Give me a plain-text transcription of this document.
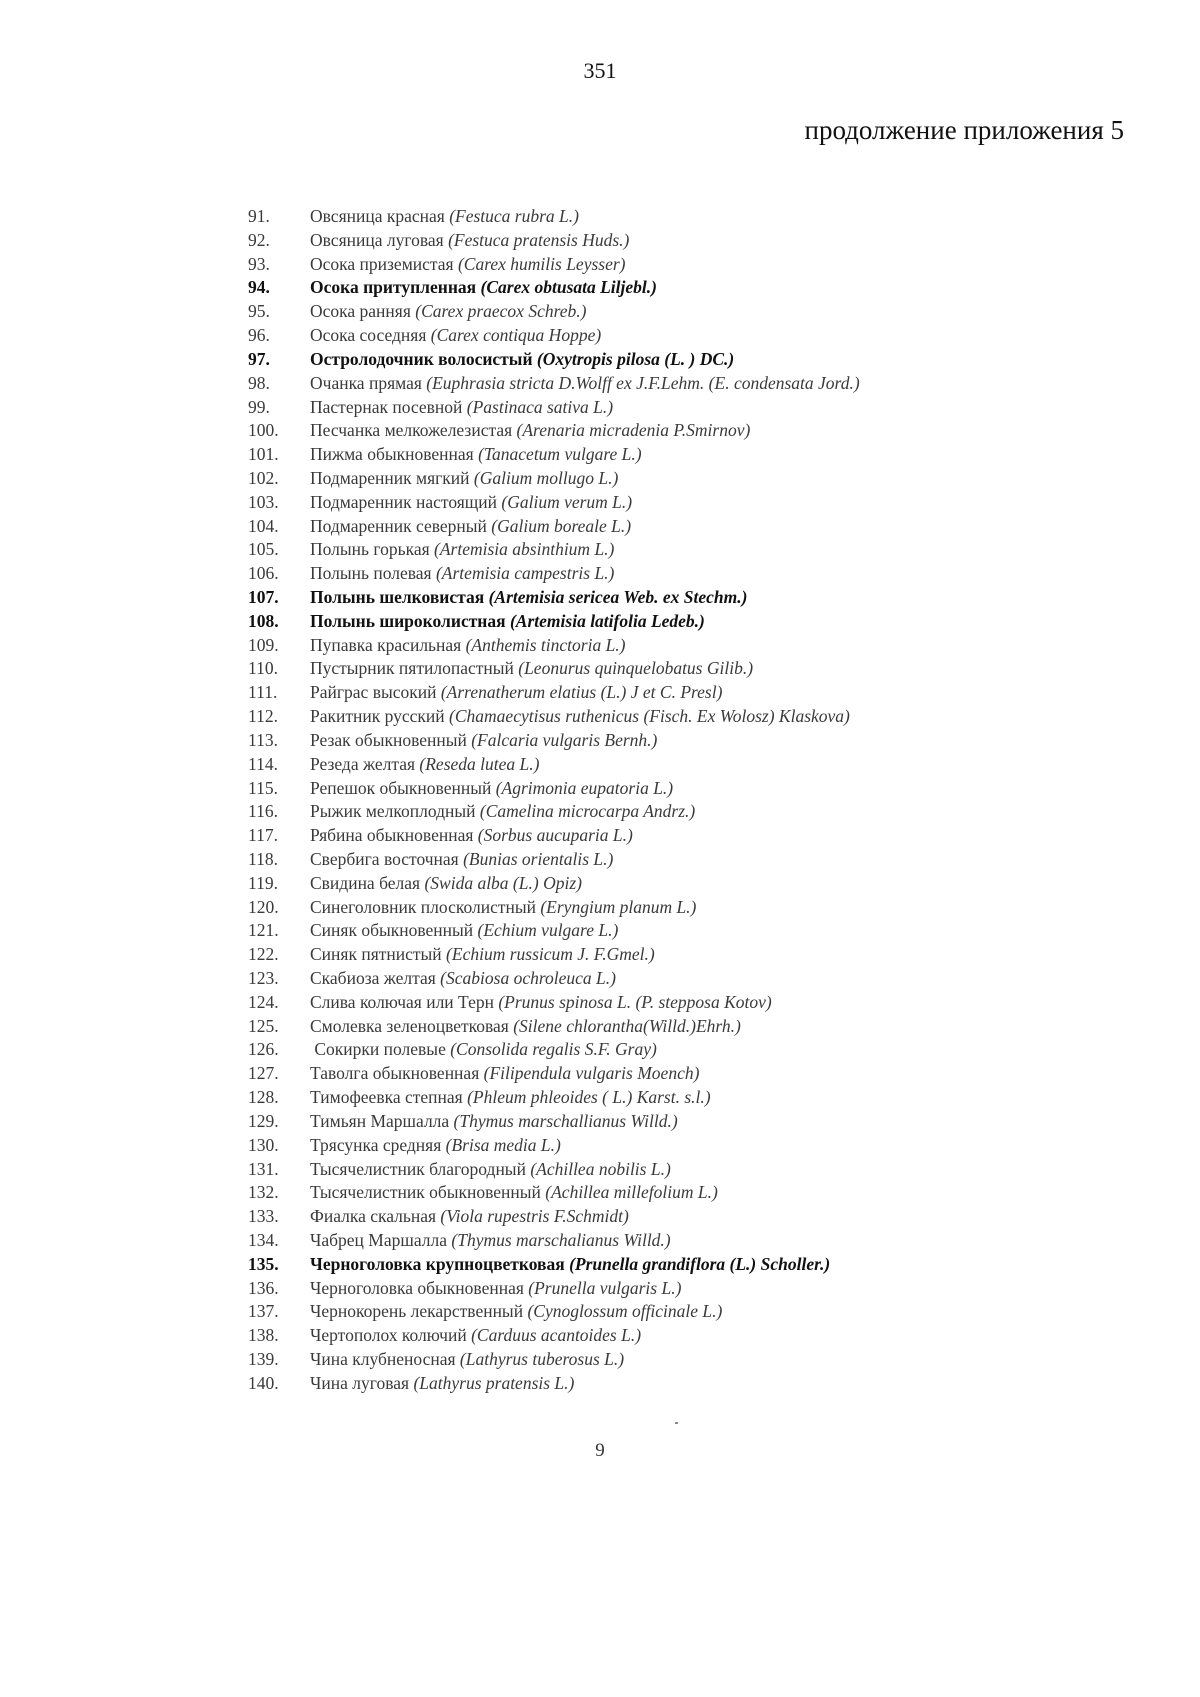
351
продолжение приложения 5
91.	Овсяница красная (Festuca rubra L.)
92.	Овсяница луговая (Festuca pratensis Huds.)
93.	Осока приземистая (Carex humilis Leysser)
94.	Осока притупленная (Carex obtusata Liljebl.)
95.	Осока ранняя (Carex praecox Schreb.)
96.	Осока соседняя (Carex contiqua Hoppe)
97.	Остролодочник волосистый (Oxytropis pilosa (L. ) DC.)
98.	Очанка прямая (Euphrasia stricta D.Wolff ex J.F.Lehm. (E. condensata Jord.)
99.	Пастернак посевной (Pastinaca sativa L.)
100.	Песчанка мелкожелезистая (Arenaria micradenia P.Smirnov)
101.	Пижма обыкновенная (Tanacetum vulgare L.)
102.	Подмаренник мягкий (Galium mollugo L.)
103.	Подмаренник настоящий (Galium verum L.)
104.	Подмаренник северный (Galium boreale L.)
105.	Полынь горькая (Artemisia absinthium L.)
106.	Полынь полевая (Artemisia campestris L.)
107.	Полынь шелковистая (Artemisia sericea Web. ex Stechm.)
108.	Полынь широколистная (Artemisia latifolia Ledeb.)
109.	Пупавка красильная (Anthemis tinctoria L.)
110.	Пустырник пятилопастный (Leonurus quinquelobatus Gilib.)
111.	Райграс высокий (Arrenatherum elatius (L.) J et C. Presl)
112.	Ракитник русский (Chamaecytisus ruthenicus (Fisch. Ex Wolosz) Klaskova)
113.	Резак обыкновенный (Falcaria vulgaris Bernh.)
114.	Резеда желтая (Reseda lutea L.)
115.	Репешок обыкновенный (Agrimonia eupatoria L.)
116.	Рыжик мелкоплодный (Camelina microcarpa Andrz.)
117.	Рябина обыкновенная (Sorbus aucuparia L.)
118.	Свербига восточная (Bunias orientalis L.)
119.	Свидина белая (Swida alba (L.) Opiz)
120.	Синеголовник плосколистный (Eryngium planum L.)
121.	Синяк обыкновенный (Echium vulgare L.)
122.	Синяк пятнистый (Echium russicum J. F.Gmel.)
123.	Скабиоза желтая (Scabiosa ochroleuca L.)
124.	Слива колючая или Терн (Prunus spinosa L. (P. stepposa Kotov)
125.	Смолевка зеленоцветковая (Silene chlorantha(Willd.)Ehrh.)
126.	Сокирки полевые (Consolida regalis S.F. Gray)
127.	Таволга обыкновенная (Filipendula vulgaris Moench)
128.	Тимофеевка степная (Phleum phleoides ( L.) Karst. s.l.)
129.	Тимьян Маршалла (Thymus marschallianus Willd.)
130.	Трясунка средняя (Brisa media L.)
131.	Тысячелистник благородный (Achillea nobilis L.)
132.	Тысячелистник обыкновенный (Achillea millefolium L.)
133.	Фиалка скальная (Viola rupestris F.Schmidt)
134.	Чабрец Маршалла (Thymus marschalianus Willd.)
135.	Черноголовка крупноцветковая (Prunella grandiflora (L.) Scholler.)
136.	Черноголовка обыкновенная (Prunella vulgaris L.)
137.	Чернокорень лекарственный (Cynoglossum officinale L.)
138.	Чертополох колючий (Carduus acantoides L.)
139.	Чина клубненосная (Lathyrus tuberosus L.)
140.	Чина луговая (Lathyrus pratensis L.)
9
